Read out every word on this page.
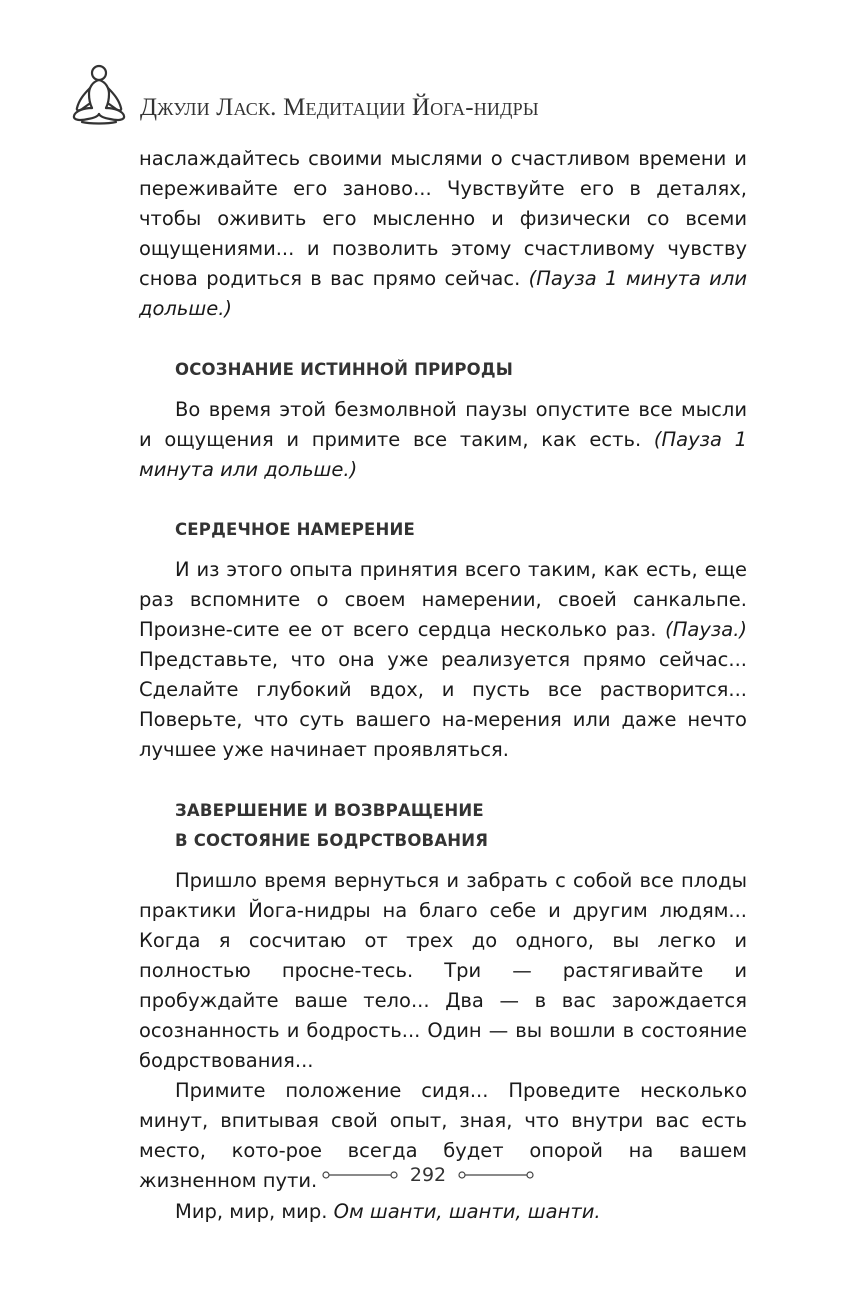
Джули Ласк. Медитации Йога-нидры

наслаждайтесь своими мыслями о счастливом времени и переживайте его заново... Чувствуйте его в деталях, чтобы оживить его мысленно и физически со всеми ощущениями... и позволить этому счастливому чувству снова родиться в вас прямо сейчас. (Пауза 1 минута или дольше.)

ОСОЗНАНИЕ ИСТИННОЙ ПРИРОДЫ

Во время этой безмолвной паузы опустите все мысли и ощущения и примите все таким, как есть. (Пауза 1 минута или дольше.)

СЕРДЕЧНОЕ НАМЕРЕНИЕ

И из этого опыта принятия всего таким, как есть, еще раз вспомните о своем намерении, своей санкальпе. Произне-сите ее от всего сердца несколько раз. (Пауза.) Представьте, что она уже реализуется прямо сейчас... Сделайте глубокий вдох, и пусть все растворится... Поверьте, что суть вашего на-мерения или даже нечто лучшее уже начинает проявляться.

ЗАВЕРШЕНИЕ И ВОЗВРАЩЕНИЕ
В СОСТОЯНИЕ БОДРСТВОВАНИЯ

Пришло время вернуться и забрать с собой все плоды практики Йога-нидры на благо себе и другим людям... Когда я сосчитаю от трех до одного, вы легко и полностью просне-тесь. Три — растягивайте и пробуждайте ваше тело... Два — в вас зарождается осознанность и бодрость... Один — вы вошли в состояние бодрствования...

Примите положение сидя... Проведите несколько минут, впитывая свой опыт, зная, что внутри вас есть место, кото-рое всегда будет опорой на вашем жизненном пути.

Мир, мир, мир. Ом шанти, шанти, шанти.

292
